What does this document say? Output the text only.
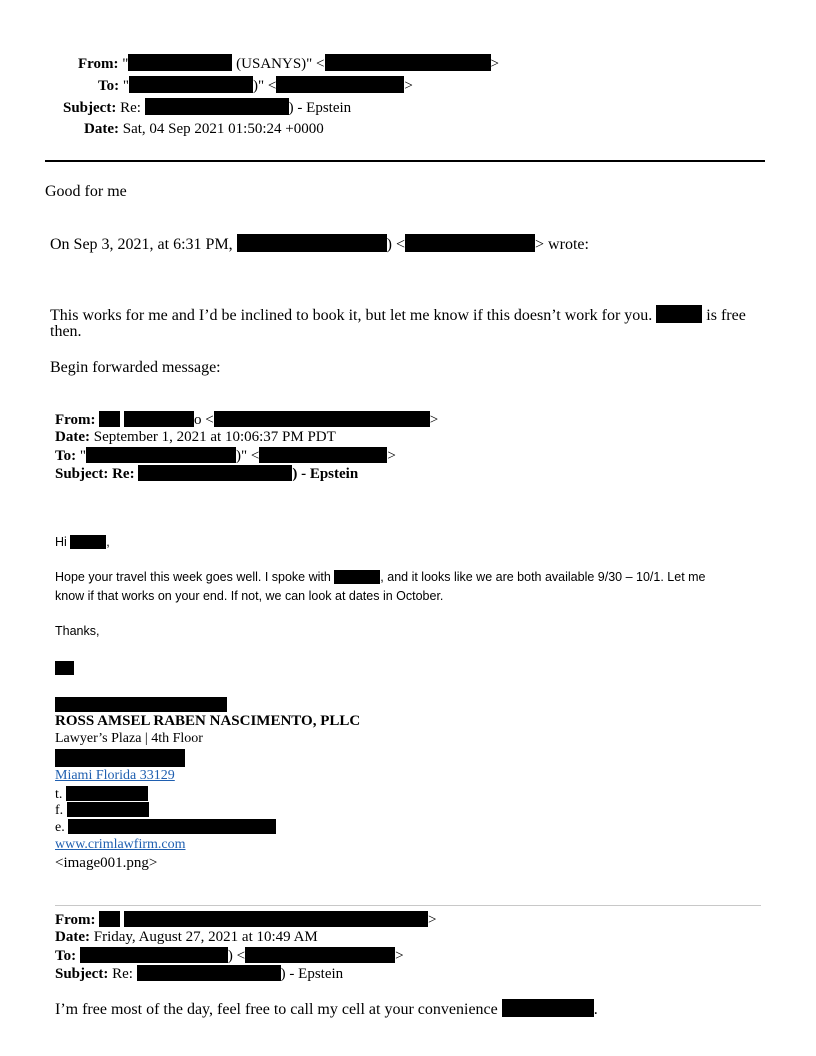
From: "	(USANYS)" <	>
To: "	)" <	>
Subject: Re:	) - Epstein
Date: Sat, 04 Sep 2021 01:50:24 +0000
Good for me
On Sep 3, 2021, at 6:31 PM,	) <	> wrote:
This works for me and I’d be inclined to book it, but let me know if this doesn’t work for you.	is free
then.
Begin forwarded message:
From:	o <	>
Date: September 1, 2021 at 10:06:37 PM PDT
To: "	)" <	>
Subject: Re:	) - Epstein
Hi	,
Hope your travel this week goes well. I spoke with	, and it looks like we are both available 9/30 – 10/1. Let me
know if that works on your end. If not, we can look at dates in October.
Thanks,
ROSS AMSEL RABEN NASCIMENTO, PLLC
Lawyer’s Plaza | 4th Floor
Miami Florida 33129
t.
f.
e.
www.crimlawfirm.com
<image001.png>
From:	>
Date: Friday, August 27, 2021 at 10:49 AM
To:	) <	>
Subject: Re:	) - Epstein
I’m free most of the day, feel free to call my cell at your convenience	.
